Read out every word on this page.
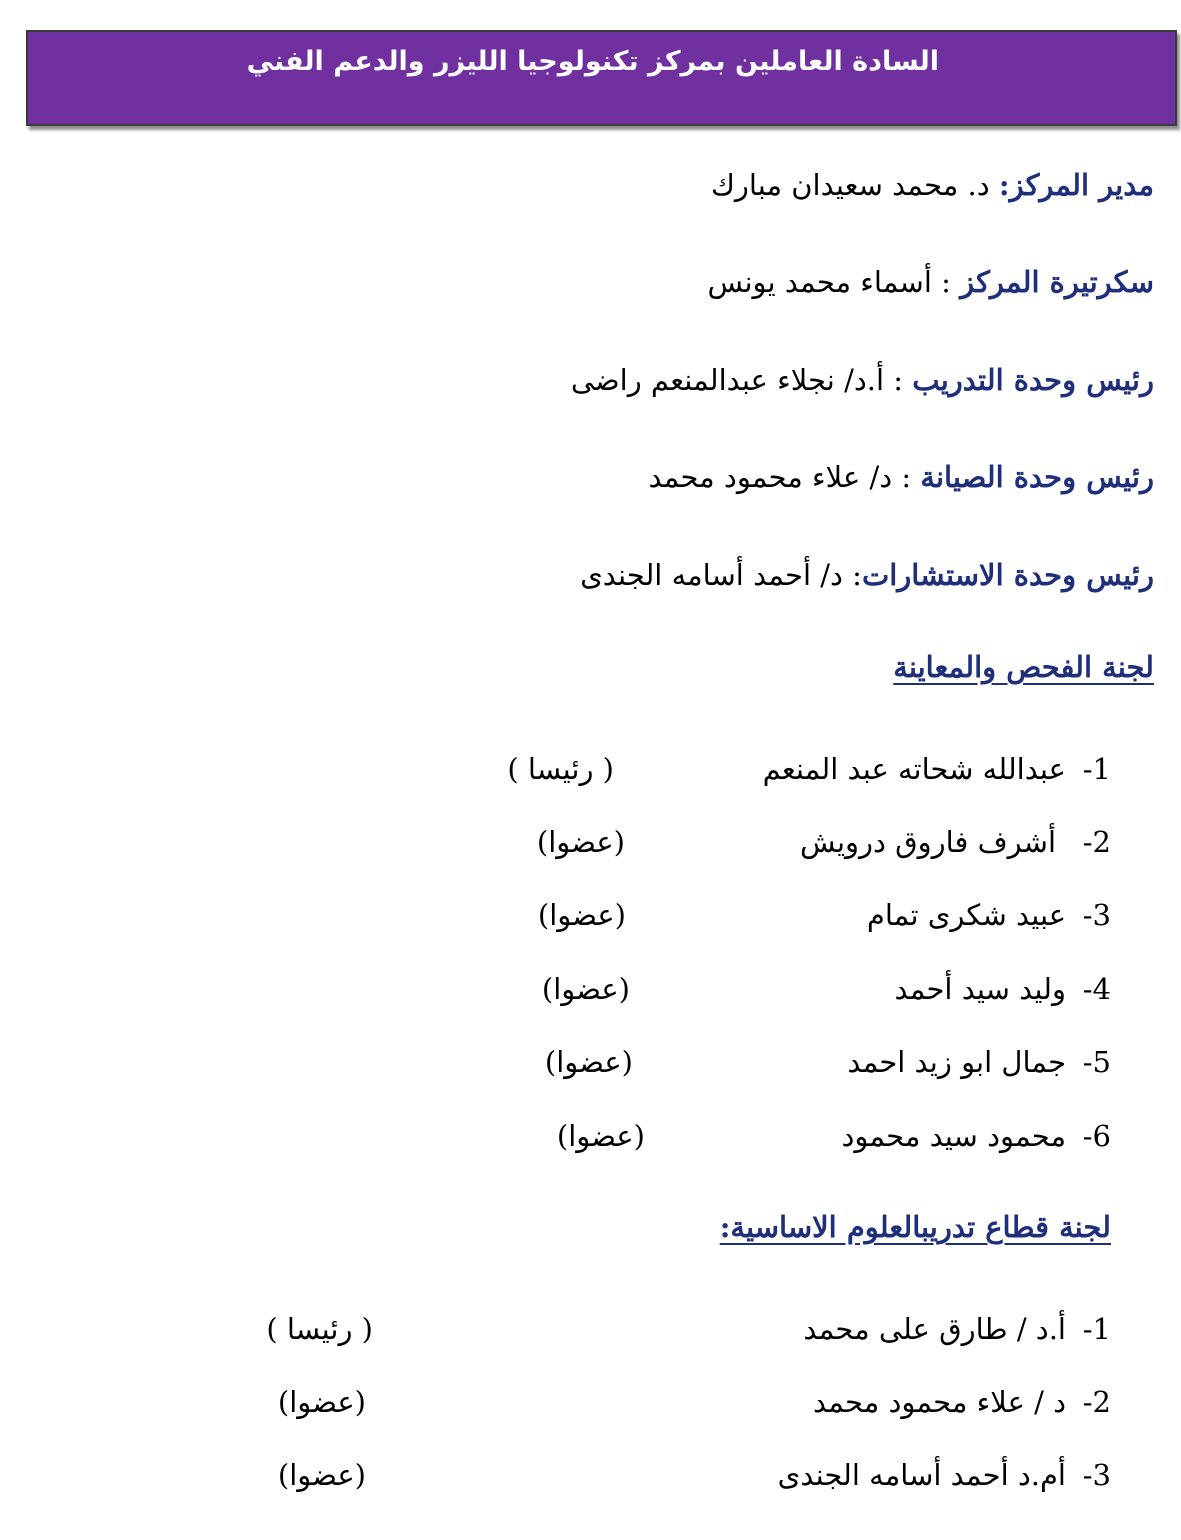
السادة العاملين بمركز تكنولوجيا الليزر والدعم الفني
مدير المركز: د. محمد سعيدان مبارك
سكرتيرة المركز : أسماء محمد يونس
رئيس وحدة التدريب : أ.د/ نجلاء عبدالمنعم راضى
رئيس وحدة الصيانة : د/ علاء محمود محمد
رئيس وحدة الاستشارات: د/ أحمد أسامه الجندى
لجنة الفحص والمعاينة
1-
عبدالله شحاته عبد المنعم
( رئيسا )
2-
أشرف فاروق درويش
(عضوا)
3-
عبيد شكرى تمام
(عضوا)
4-
وليد سيد أحمد
(عضوا)
5-
جمال ابو زيد احمد
(عضوا)
6-
محمود سيد محمود
(عضوا)
لجنة قطاع تدريبالعلوم الاساسية:
1-
أ.د / طارق على محمد
( رئيسا )
2-
د / علاء محمود محمد
(عضوا)
3-
أم.د أحمد أسامه الجندى
(عضوا)
